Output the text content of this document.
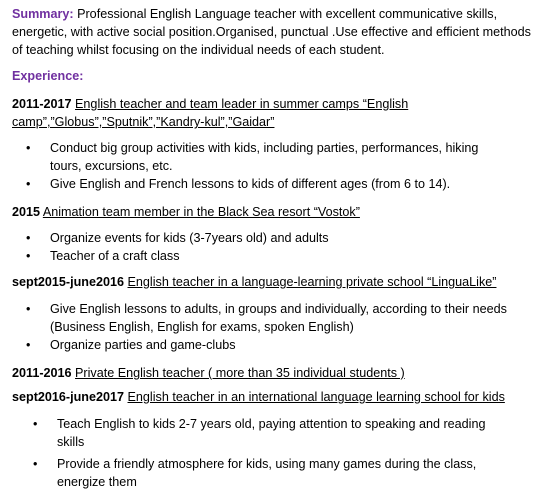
Summary: Professional English Language teacher with excellent communicative skills, energetic, with active social position.Organised, punctual .Use effective and efficient methods of teaching whilst focusing on the individual needs of each student.
Experience:
2011-2017 English teacher and team leader in summer camps “English camp”,”Globus”,”Sputnik”,”Kandry-kul”,”Gaidar”
• Conduct big group activities with kids, including parties, performances, hiking tours, excursions, etc.
• Give English and French lessons to kids of different ages (from 6 to 14).
2015 Animation team member in the Black Sea resort “Vostok”
• Organize events for kids (3-7years old) and adults
• Teacher of a craft class
sept2015-june2016 English teacher in a language-learning private school “LinguaLike”
• Give English lessons to adults, in groups and individually, according to their needs (Business English, English for exams, spoken English)
• Organize parties and game-clubs
2011-2016 Private English teacher ( more than 35 individual students )
sept2016-june2017 English teacher in an international language learning school for kids
• Teach English to kids 2-7 years old, paying attention to speaking and reading skills
• Provide a friendly atmosphere for kids, using many games during the class, energize them
